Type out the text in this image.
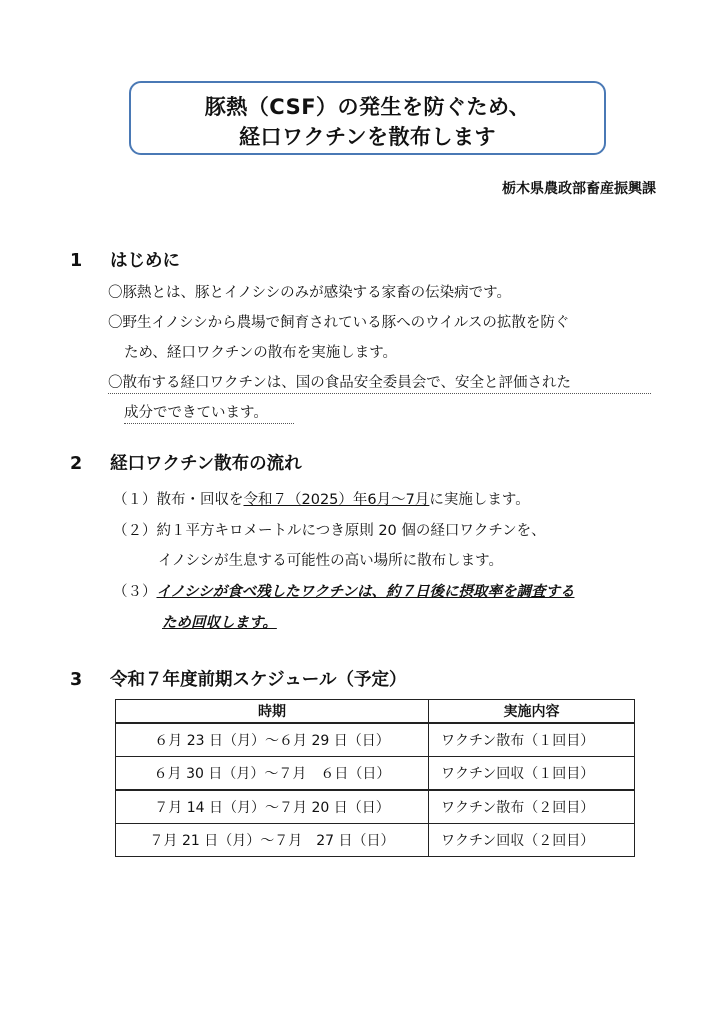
豚熱（CSF）の発生を防ぐため、
経口ワクチンを散布します
栃木県農政部畜産振興課
1 はじめに
〇豚熱とは、豚とイノシシのみが感染する家畜の伝染病です。
〇野生イノシシから農場で飼育されている豚へのウイルスの拡散を防ぐ
ため、経口ワクチンの散布を実施します。
〇散布する経口ワクチンは、国の食品安全委員会で、安全と評価された
成分でできています。
2 経口ワクチン散布の流れ
（１）散布・回収を令和７（2025）年6月～7月に実施します。
（２）約１平方キロメートルにつき原則 20 個の経口ワクチンを、
イノシシが生息する可能性の高い場所に散布します。
（３）イノシシが食べ残したワクチンは、約７日後に摂取率を調査する
ため回収します。
3 令和７年度前期スケジュール（予定）
時期	実施内容
６月 23 日（月）～６月 29 日（日）	ワクチン散布（１回目）
６月 30 日（月）～７月　６日（日）	ワクチン回収（１回目）
７月 14 日（月）～７月 20 日（日）	ワクチン散布（２回目）
７月 21 日（月）～７月　27 日（日）	ワクチン回収（２回目）
